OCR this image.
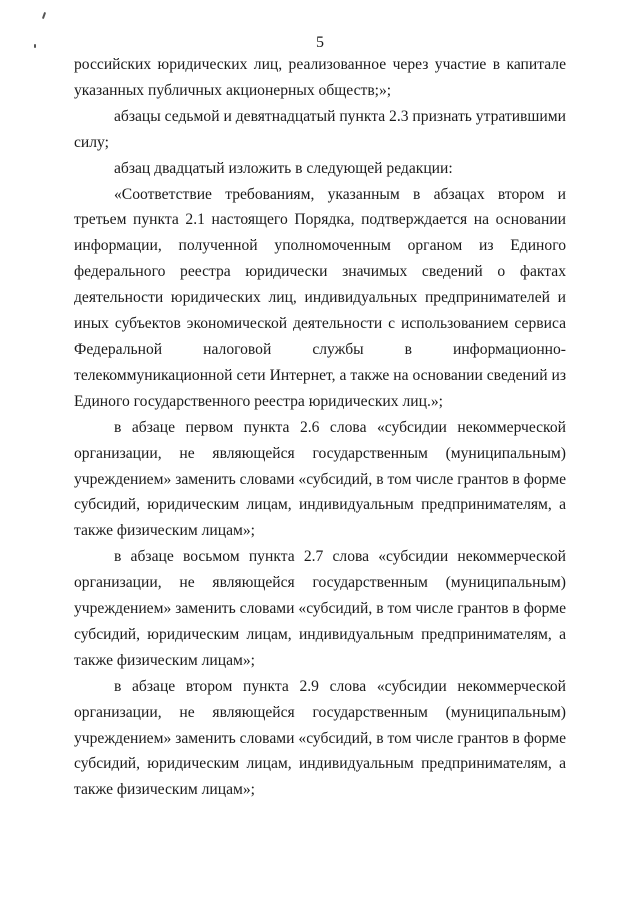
5

российских юридических лиц, реализованное через участие в капитале указанных публичных акционерных обществ;»;

абзацы седьмой и девятнадцатый пункта 2.3 признать утратившими силу;

абзац двадцатый изложить в следующей редакции:

«Соответствие требованиям, указанным в абзацах втором и третьем пункта 2.1 настоящего Порядка, подтверждается на основании информации, полученной уполномоченным органом из Единого федерального реестра юридически значимых сведений о фактах деятельности юридических лиц, индивидуальных предпринимателей и иных субъектов экономической деятельности с использованием сервиса Федеральной налоговой службы в информационно-телекоммуникационной сети Интернет, а также на основании сведений из Единого государственного реестра юридических лиц.»;

в абзаце первом пункта 2.6 слова «субсидии некоммерческой организации, не являющейся государственным (муниципальным) учреждением» заменить словами «субсидий, в том числе грантов в форме субсидий, юридическим лицам, индивидуальным предпринимателям, а также физическим лицам»;

в абзаце восьмом пункта 2.7 слова «субсидии некоммерческой организации, не являющейся государственным (муниципальным) учреждением» заменить словами «субсидий, в том числе грантов в форме субсидий, юридическим лицам, индивидуальным предпринимателям, а также физическим лицам»;

в абзаце втором пункта 2.9 слова «субсидии некоммерческой организации, не являющейся государственным (муниципальным) учреждением» заменить словами «субсидий, в том числе грантов в форме субсидий, юридическим лицам, индивидуальным предпринимателям, а также физическим лицам»;
